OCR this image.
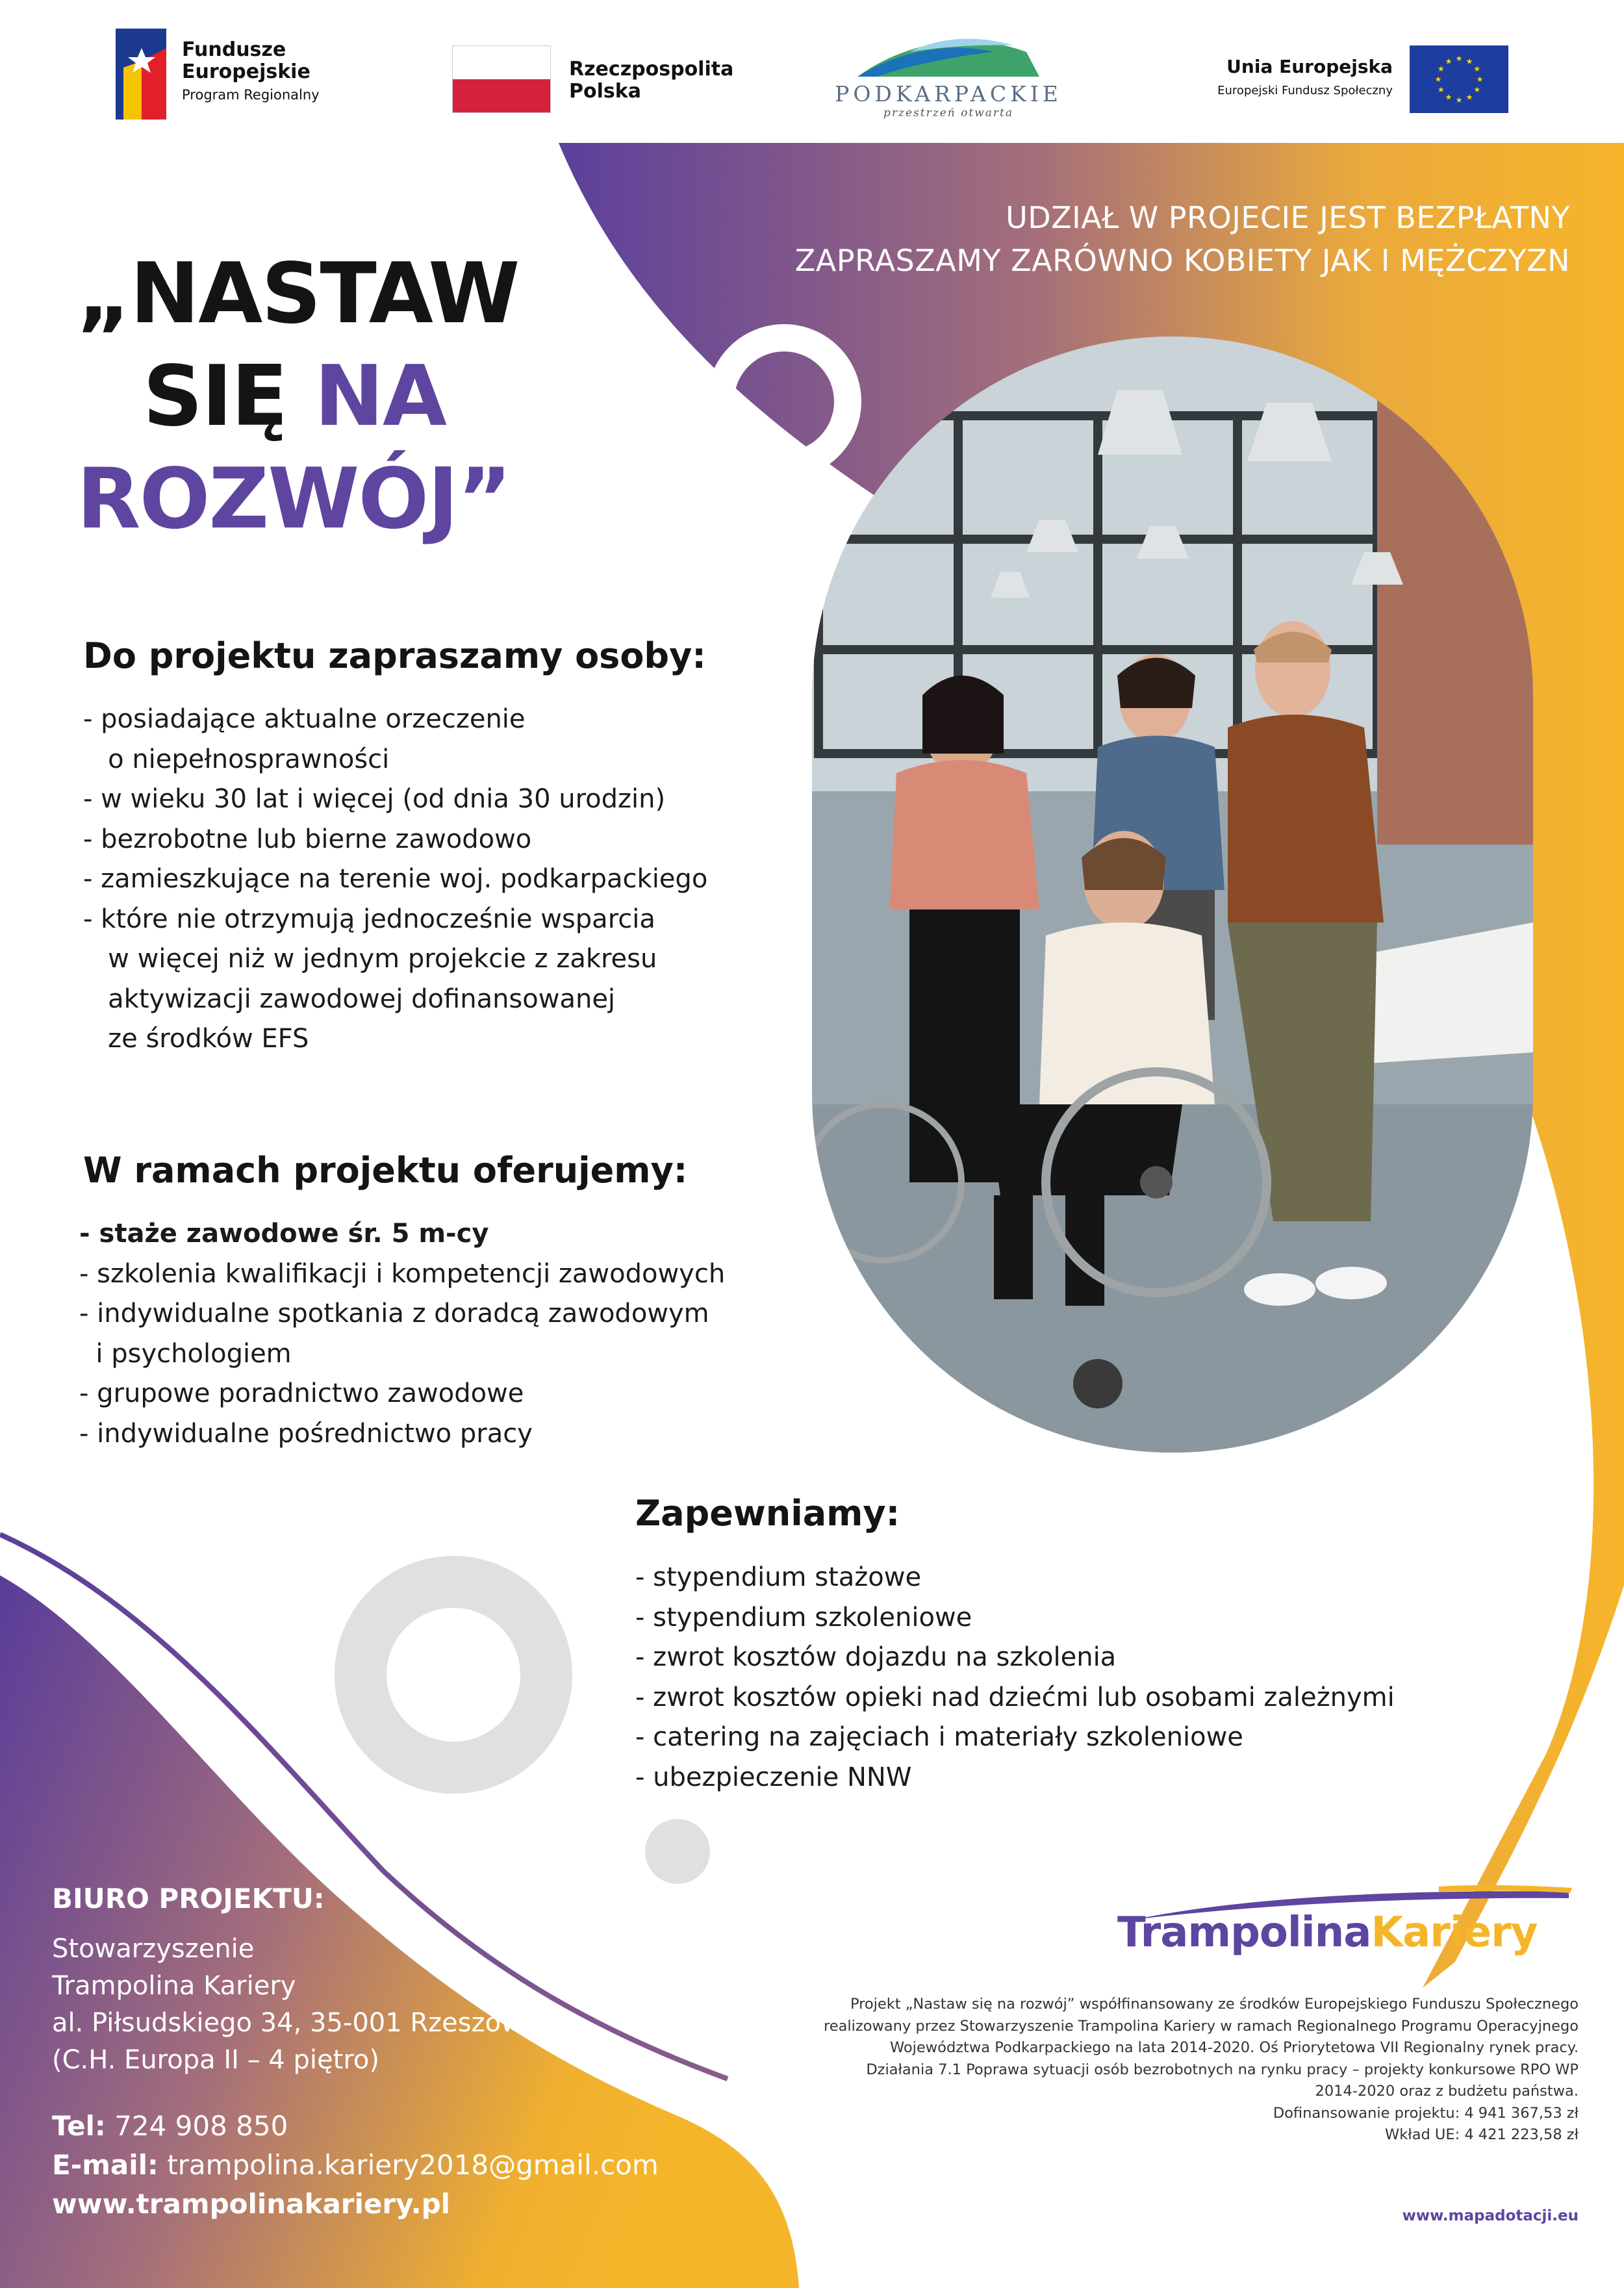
Fundusze
Europejskie
Program Regionalny
Rzeczpospolita
Polska	PODKARPACKIE
przestrzeń otwarta
Unia Europejska
Europejski Fundusz Społeczny
★ ★
★
★
★
★
★
★
★
★
★
★
UDZIAŁ W PROJECIE JEST BEZPŁATNY
ZAPRASZAMY ZARÓWNO KOBIETY JAK I MĘŻCZYZN
„NASTAW
SIĘ NA
ROZWÓJ”
Do projektu zapraszamy osoby:
- posiadające aktualne orzeczenie
o niepełnosprawności
- w wieku 30 lat i więcej (od dnia 30 urodzin)
- bezrobotne lub bierne zawodowo
- zamieszkujące na terenie woj. podkarpackiego
- które nie otrzymują jednocześnie wsparcia
w więcej niż w jednym projekcie z zakresu
aktywizacji zawodowej dofinansowanej
ze środków EFS
W ramach projektu oferujemy:
- staże zawodowe śr. 5 m-cy
- szkolenia kwalifikacji i kompetencji zawodowych
- indywidualne spotkania z doradcą zawodowym
i psychologiem
- grupowe poradnictwo zawodowe
- indywidualne pośrednictwo pracy
Zapewniamy:
- stypendium stażowe
- stypendium szkoleniowe
- zwrot kosztów dojazdu na szkolenia
- zwrot kosztów opieki nad dziećmi lub osobami zależnymi
- catering na zajęciach i materiały szkoleniowe
- ubezpieczenie NNW
BIURO PROJEKTU:
Stowarzyszenie
Trampolina Kariery
al. Piłsudskiego 34, 35-001 Rzeszów
(C.H. Europa II – 4 piętro)
Tel: 724 908 850
E-mail: trampolina.kariery2018@gmail.com
www.trampolinakariery.pl
TrampolinaKariery
Projekt „Nastaw się na rozwój” współfinansowany ze środków Europejskiego Funduszu Społecznego
realizowany przez Stowarzyszenie Trampolina Kariery w ramach Regionalnego Programu Operacyjnego
Województwa Podkarpackiego na lata 2014-2020. Oś Priorytetowa VII Regionalny rynek pracy.
Działania 7.1 Poprawa sytuacji osób bezrobotnych na rynku pracy – projekty konkursowe RPO WP
2014-2020 oraz z budżetu państwa.
Dofinansowanie projektu: 4 941 367,53 zł
Wkład UE: 4 421 223,58 zł
www.mapadotacji.eu
